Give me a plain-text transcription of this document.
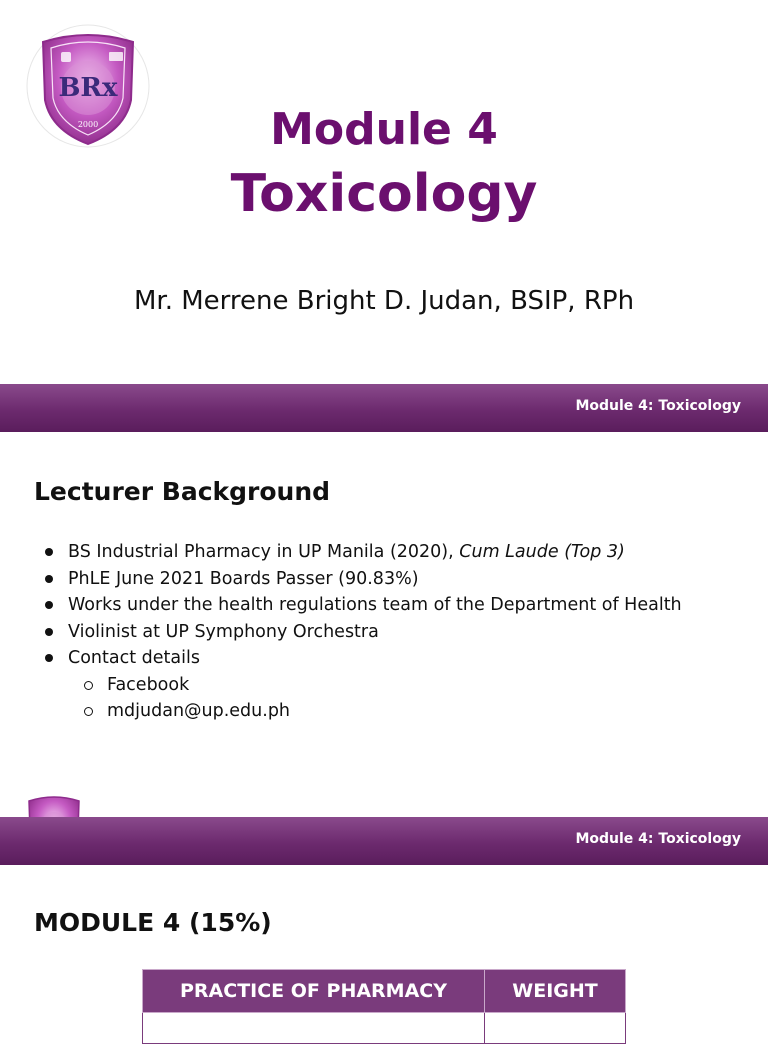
BRx
2000	Module 4
Toxicology
Mr. Merrene Bright D. Judan, BSIP, RPh
Module 4: Toxicology
Lecturer Background
BS Industrial Pharmacy in UP Manila (2020), Cum Laude (Top 3)
PhLE June 2021 Boards Passer (90.83%)
Works under the health regulations team of the Department of Health
Violinist at UP Symphony Orchestra
Contact details
Facebook
mdjudan@up.edu.ph
Module 4: Toxicology
MODULE 4 (15%)
PRACTICE OF PHARMACY	WEIGHT
